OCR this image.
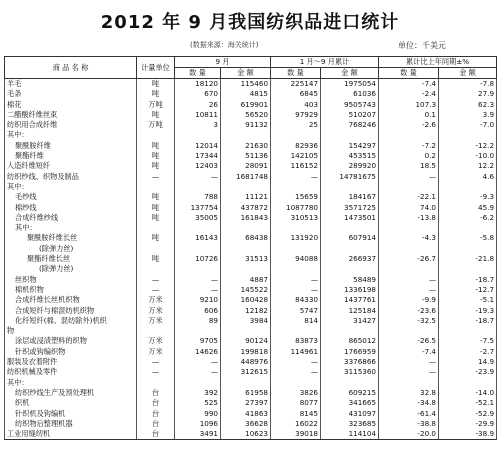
2012 年 9 月我国纺织品进口统计
(数据来源：海关统计)	单位：千美元
商 品 名 称	计量单位	9 月		1 月～9 月累计		累计比上年同期±%	
		数 量	金 额	数 量	金 额	数 量	金 额
羊毛	吨	18120	115460	225147	1975054	-7.4	-7.8
毛条	吨	670	4815	6845	61036	-2.4	27.9
棉花	万吨	26	619901	403	9505743	107.3	62.3
二醋酸纤维丝束	吨	10811	56520	97929	510207	0.1	3.9
纺织用合成纤维	万吨	3	91132	25	768246	-2.6	-7.0
其中：							
聚酰胺纤维	吨	12014	21630	82936	154297	-7.2	-12.2
聚酯纤维	吨	17344	51136	142105	453515	0.2	-10.0
人造纤维短纤	吨	12403	28091	116152	289920	18.5	12.2
纺织纱线、织物及制品	—	—	1681748	—	14781675	—	4.6
其中：							
毛纱线	吨	788	11121	15659	184167	-22.1	-9.3
棉纱线	吨	137754	437872	1087780	3571725	74.0	45.9
合成纤维纱线	吨	35005	161843	310513	1473501	-13.8	-6.2
其中：							
聚酰胺纤维长丝	吨	16143	68438	131920	607914	-4.3	-5.8
(除弹力丝)							
聚酯纤维长丝	吨	10726	31513	94088	266937	-26.7	-21.8
(除弹力丝)							
丝织物	—	—	4887	—	58489	—	-18.7
棉机织物	—	—	145522	—	1336198	—	-12.7
合成纤维长丝机织物	万米	9210	160428	84330	1437761	-9.9	-5.1
合成短纤与棉混纺机织物	万米	606	12182	5747	125184	-23.6	-19.3
化纤短纤(棉、混纺除外)机织	万米	89	3984	814	31427	-32.5	-18.7
物							
涂层或浸渍塑料的织物	万米	9705	90124	83873	865012	-26.5	-7.5
针织或钩编织物	万米	14626	199818	114961	1766959	-7.4	-2.7
服装及衣着附件	—	—	448976	—	3376866	—	14.9
纺织机械及零件	—	—	312615	—	3115360	—	-23.9
其中：							
纺织纱线生产及预处理机	台	392	61958	3826	609215	32.8	-14.0
织机	台	525	27397	8077	341665	-34.8	-52.1
针织机及钩编机	台	990	41863	8145	431097	-61.4	-52.9
纺织物后整理机器	台	1096	36628	16022	323685	-38.8	-29.9
工业用缝纫机	台	3491	10623	39018	114104	-20.0	-38.9
